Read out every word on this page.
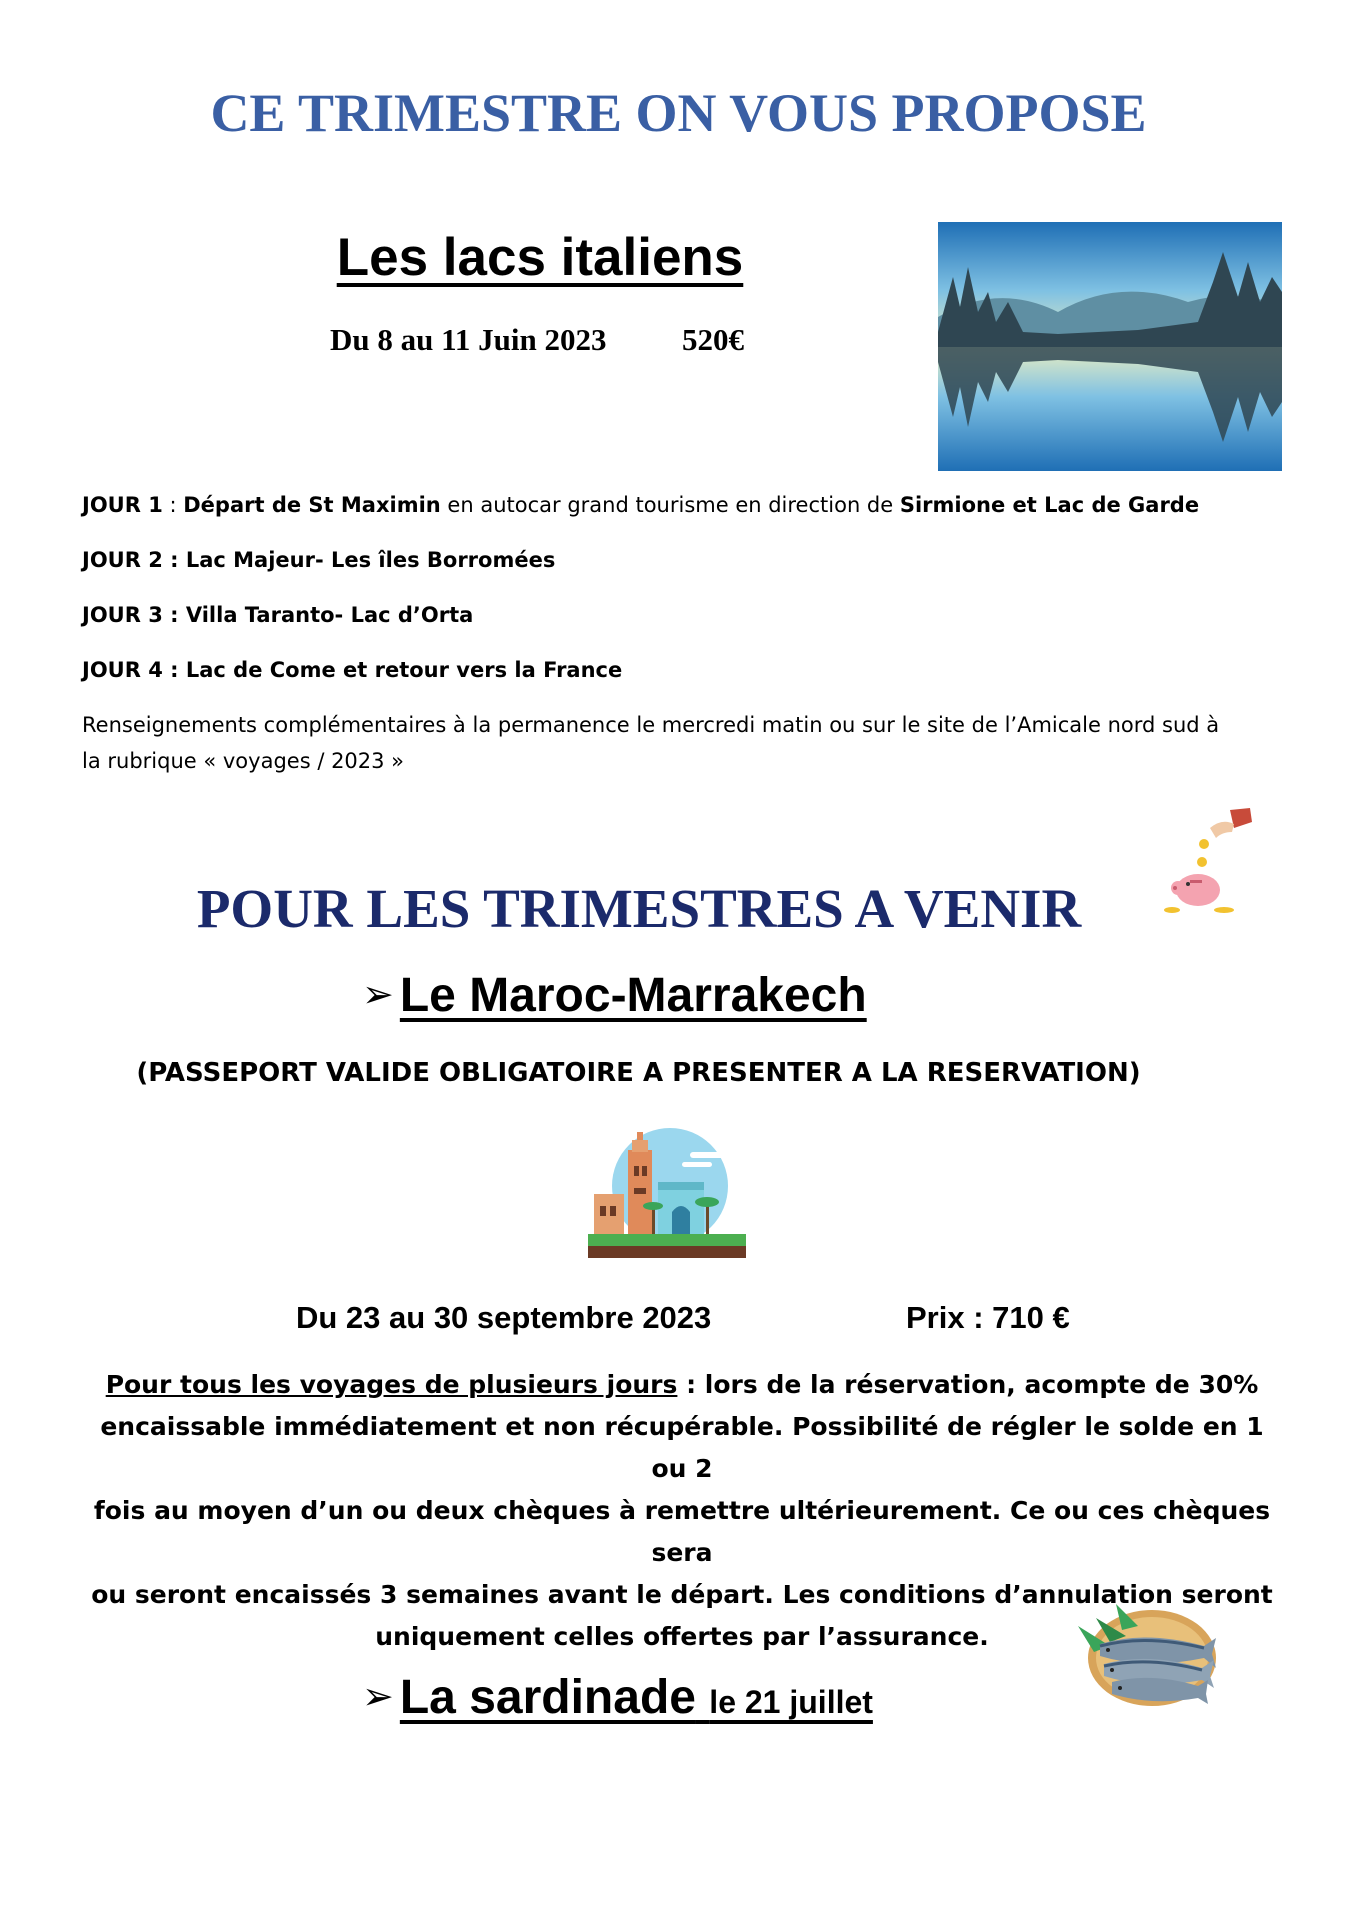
CE TRIMESTRE ON VOUS PROPOSE
Les lacs italiens
Du 8 au 11 Juin 2023 520€
JOUR 1 : Départ de St Maximin en autocar grand tourisme en direction de Sirmione et Lac de Garde
JOUR 2 : Lac Majeur- Les îles Borromées
JOUR 3 : Villa Taranto- Lac d’Orta
JOUR 4 : Lac de Come et retour vers la France
Renseignements complémentaires à la permanence le mercredi matin ou sur le site de l’Amicale nord sud à
la rubrique « voyages / 2023 »
POUR LES TRIMESTRES A VENIR
➢ Le Maroc-Marrakech
(PASSEPORT VALIDE OBLIGATOIRE A PRESENTER A LA RESERVATION)
Du 23 au 30 septembre 2023	Prix : 710 €
Pour tous les voyages de plusieurs jours : lors de la réservation, acompte de 30%
encaissable immédiatement et non récupérable. Possibilité de régler le solde en 1 ou 2
fois au moyen d’un ou deux chèques à remettre ultérieurement. Ce ou ces chèques sera
ou seront encaissés 3 semaines avant le départ. Les conditions d’annulation seront
uniquement celles offertes par l’assurance.
➢ La sardinade le 21 juillet
